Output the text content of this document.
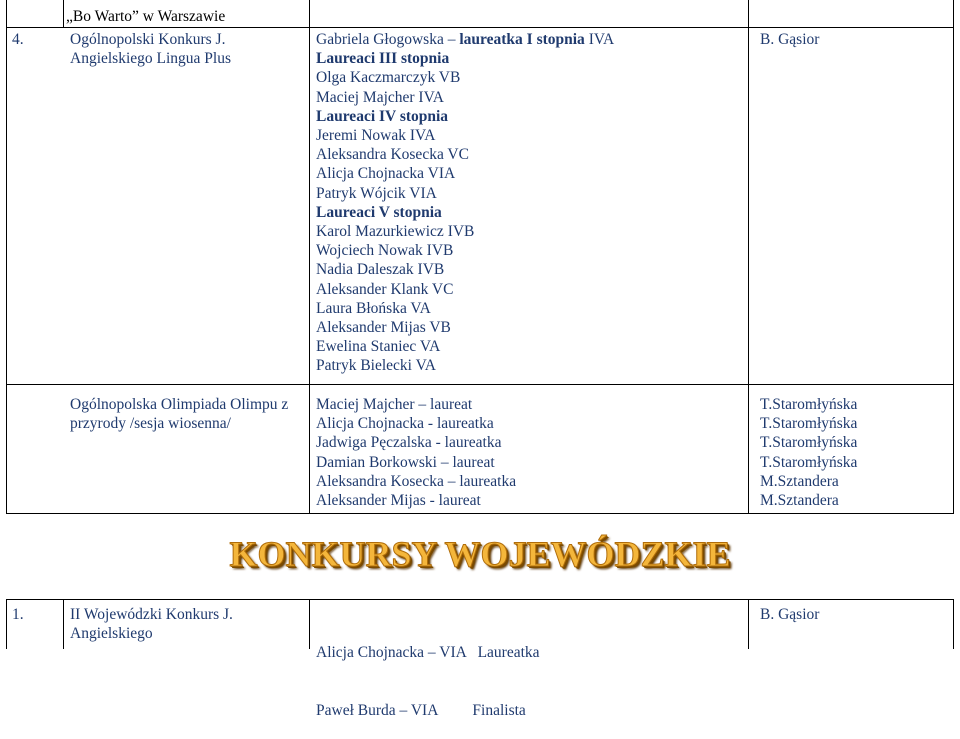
„Bo Warto” w Warszawie
4.	Ogólnopolski Konkurs J.
Angielskiego Lingua Plus
Gabriela Głogowska – laureatka I stopnia IVA
Laureaci III stopnia
Olga Kaczmarczyk VB
Maciej Majcher IVA
Laureaci IV stopnia
Jeremi Nowak IVA
Aleksandra Kosecka VC
Alicja Chojnacka VIA
Patryk Wójcik VIA
Laureaci V stopnia
Karol Mazurkiewicz IVB
Wojciech Nowak IVB
Nadia Daleszak IVB
Aleksander Klank VC
Laura Błońska VA
Aleksander Mijas VB
Ewelina Staniec VA
Patryk Bielecki VA
B. Gąsior
Ogólnopolska Olimpiada Olimpu z
przyrody /sesja wiosenna/
Maciej Majcher – laureat
Alicja Chojnacka - laureatka
Jadwiga Pęczalska - laureatka
Damian Borkowski – laureat
Aleksandra Kosecka – laureatka
Aleksander Mijas - laureat
T.Staromłyńska
T.Staromłyńska
T.Staromłyńska
T.Staromłyńska
M.Sztandera
M.Sztandera
KONKURSY WOJEWÓDZKIE
1.	II Wojewódzki Konkurs J.
Angielskiego

Alicja Chojnacka – VIA   Laureatka

Paweł Burda – VIA         Finalista

B. Gąsior
